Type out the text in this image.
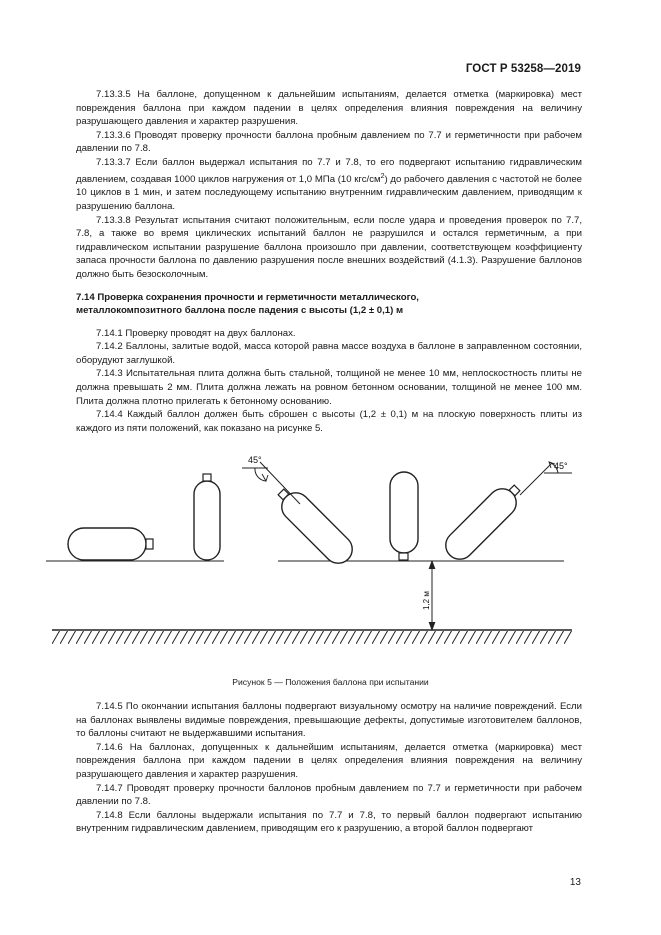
ГОСТ Р 53258—2019

7.13.3.5 На баллоне, допущенном к дальнейшим испытаниям, делается отметка (маркировка) мест повреждения баллона при каждом падении в целях определения влияния повреждения на величину разрушающего давления и характер разрушения.

7.13.3.6 Проводят проверку прочности баллона пробным давлением по 7.7 и герметичности при рабочем давлении по 7.8.

7.13.3.7 Если баллон выдержал испытания по 7.7 и 7.8, то его подвергают испытанию гидравлическим давлением, создавая 1000 циклов нагружения от 1,0 МПа (10 кгс/$см^2$) до рабочего давления с частотой не более 10 циклов в 1 мин, и затем последующему испытанию внутренним гидравлическим давлением, приводящим к разрушению баллона.

7.13.3.8 Результат испытания считают положительным, если после удара и проведения проверок по 7.7, 7.8, а также во время циклических испытаний баллон не разрушился и остался герметичным, а при гидравлическом испытании разрушение баллона произошло при давлении, соответствующем коэффициенту запаса прочности баллона по давлению разрушения после внешних воздействий (4.1.3). Разрушение баллонов должно быть безосколочным.

7.14 Проверка сохранения прочности и герметичности металлического,
металлокомпозитного баллона после падения с высоты (1,2 ± 0,1) м

7.14.1 Проверку проводят на двух баллонах.

7.14.2 Баллоны, залитые водой, масса которой равна массе воздуха в баллоне в заправленном состоянии, оборудуют заглушкой.

7.14.3 Испытательная плита должна быть стальной, толщиной не менее 10 мм, неплоскостность плиты не должна превышать 2 мм. Плита должна лежать на ровном бетонном основании, толщиной не менее 100 мм. Плита должна плотно прилегать к бетонному основанию.

7.14.4 Каждый баллон должен быть сброшен с высоты (1,2 ± 0,1) м на плоскую поверхность плиты из каждого из пяти положений, как показано на рисунке 5.

45°
45°
1,2 м
Рисунок 5 — Положения баллона при испытании

7.14.5 По окончании испытания баллоны подвергают визуальному осмотру на наличие повреждений. Если на баллонах выявлены видимые повреждения, превышающие дефекты, допустимые изготовителем баллонов, то баллоны считают не выдержавшими испытания.

7.14.6 На баллонах, допущенных к дальнейшим испытаниям, делается отметка (маркировка) мест повреждения баллона при каждом падении в целях определения влияния повреждения на величину разрушающего давления и характер разрушения.

7.14.7 Проводят проверку прочности баллонов пробным давлением по 7.7 и герметичности при рабочем давлении по 7.8.

7.14.8 Если баллоны выдержали испытания по 7.7 и 7.8, то первый баллон подвергают испытанию внутренним гидравлическим давлением, приводящим его к разрушению, а второй баллон подвергают

13
